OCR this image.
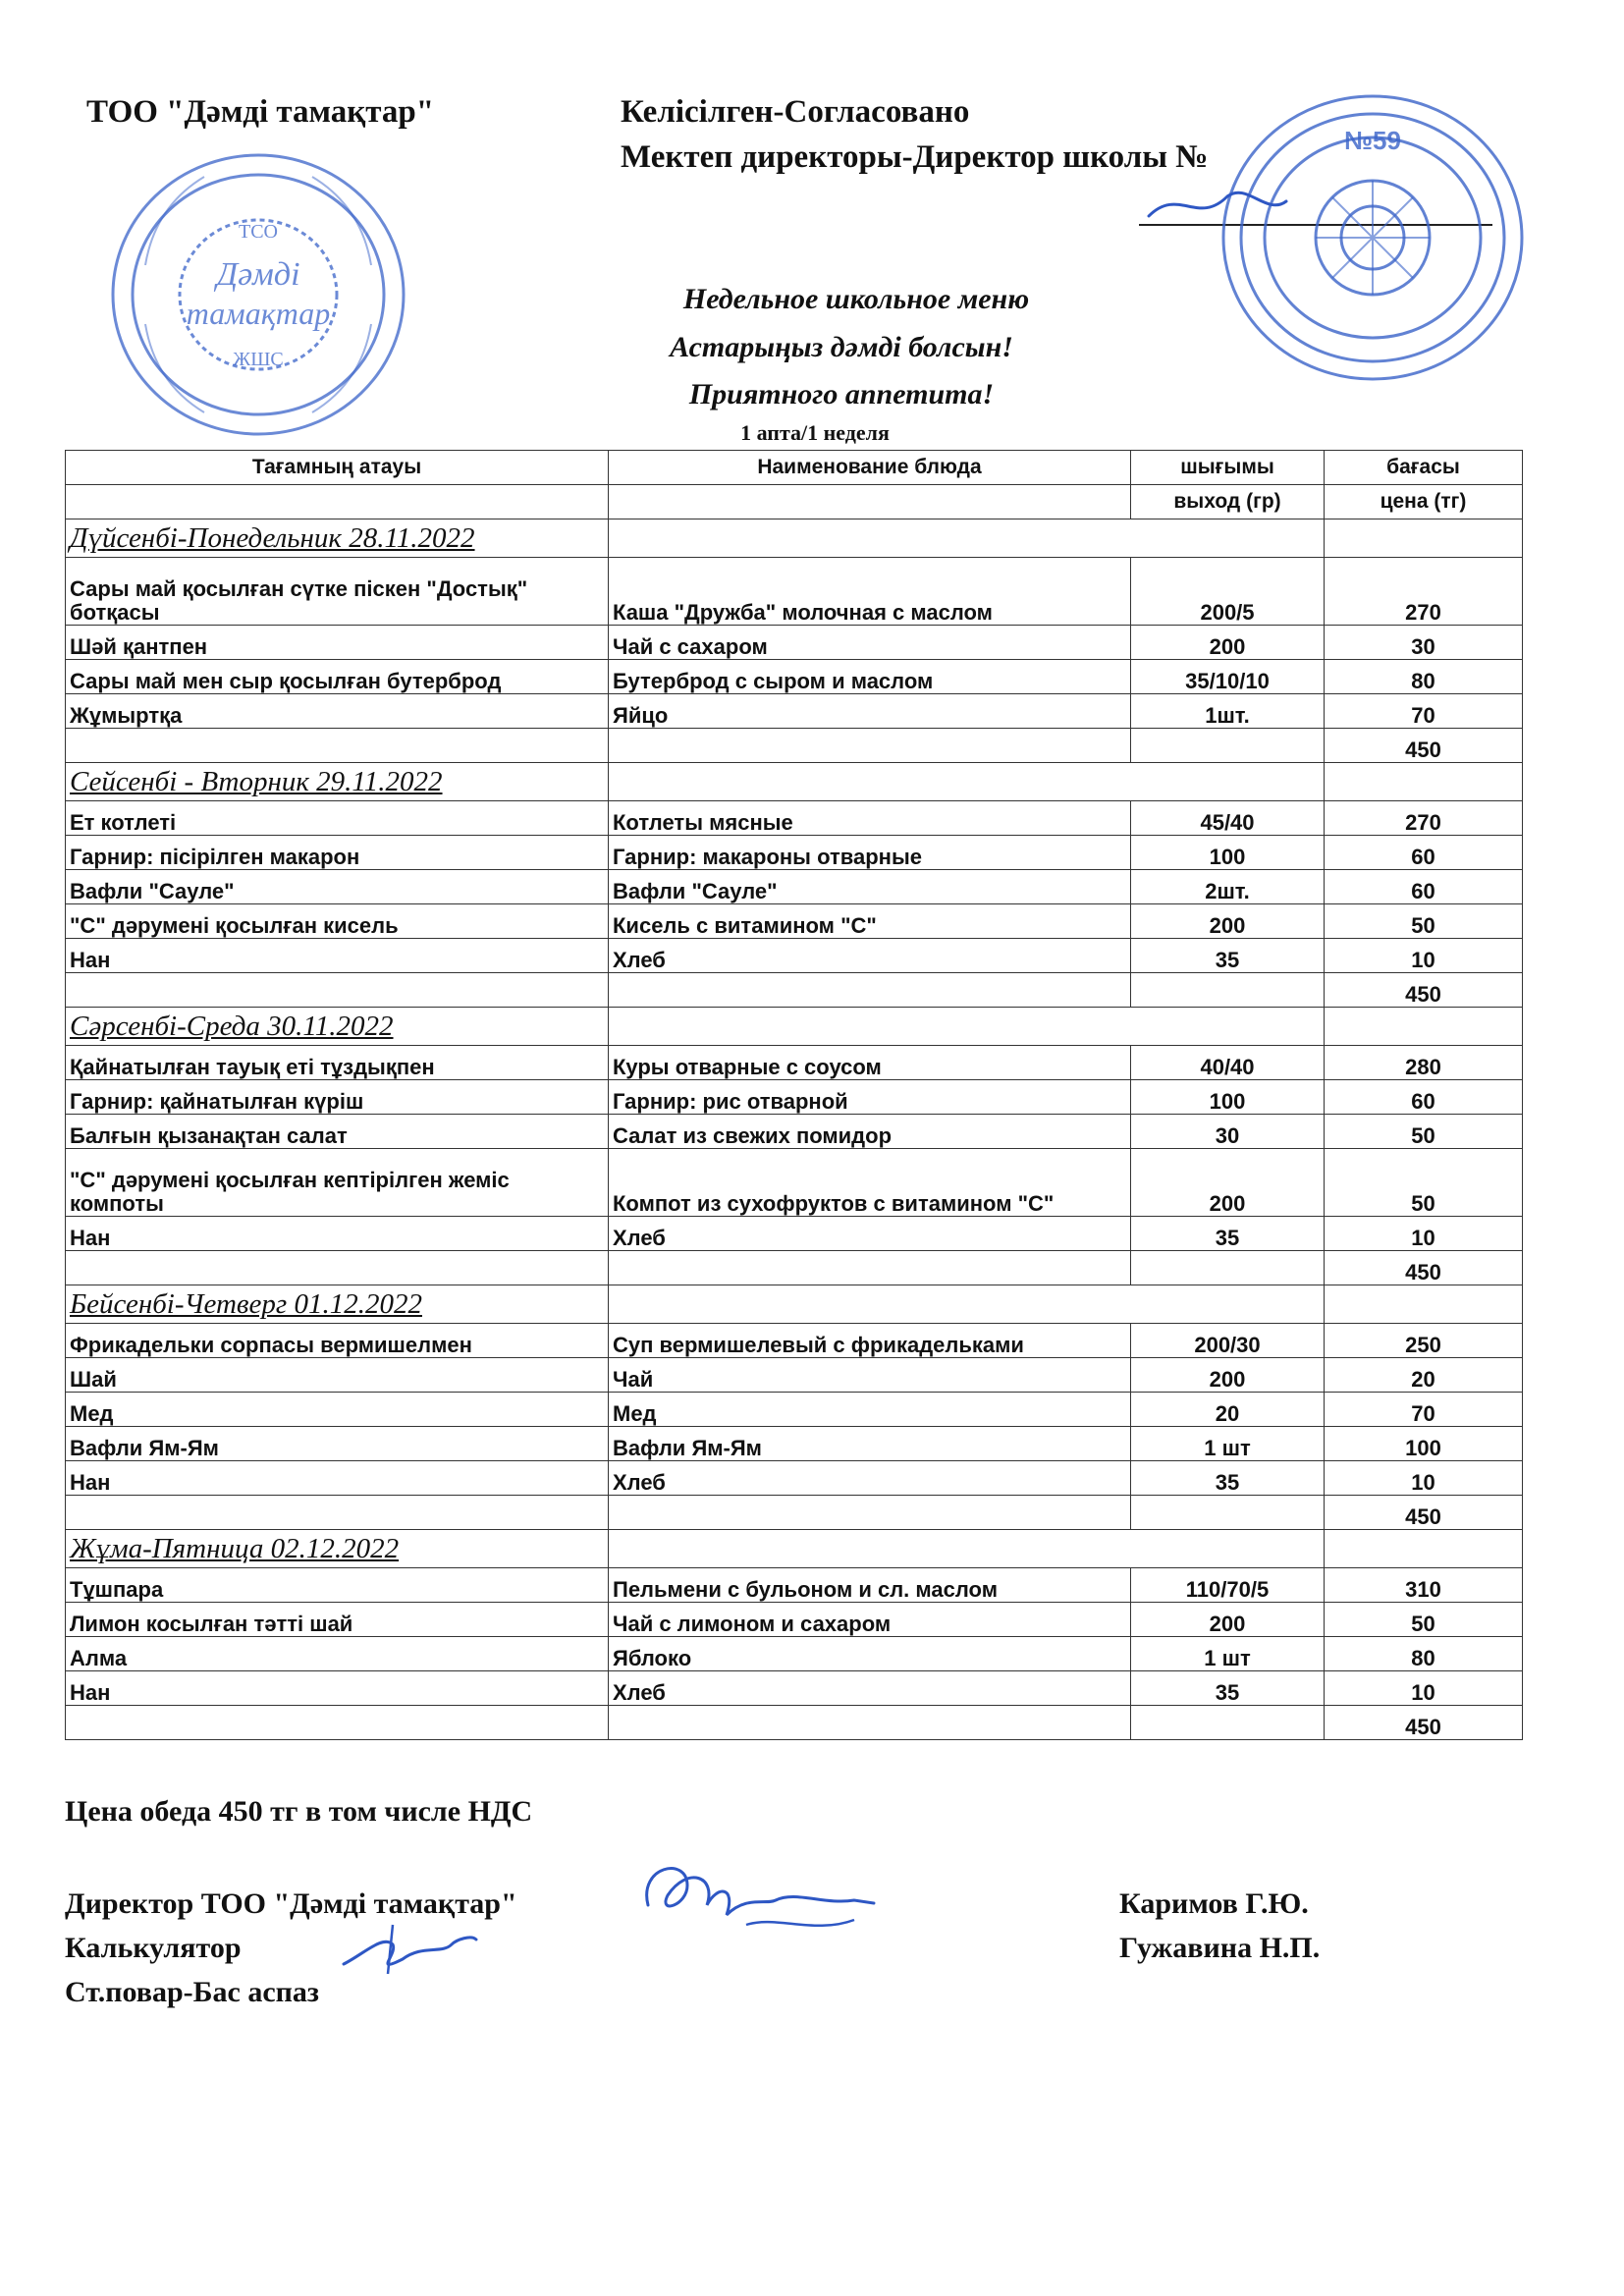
ТОО "Дәмді тамақтар"	Келісілген-Согласовано
Мектеп директоры-Директор школы №
ТСО
Дәмді
тамақтар
ЖШС
№59
Недельное школьное меню
Астарыңыз дәмді болсын!
Приятного аппетита!
1 апта/1 неделя
Тағамның атауы	Наименование блюда	шығымы	бағасы
		выход (гр)	цена (тг)
Дүйсенбі-Понедельник 28.11.2022			
Сары май қосылған сүтке піскен "Достық" ботқасы	Каша "Дружба" молочная с маслом	200/5	270
Шәй қантпен	Чай с сахаром	200	30
Сары май мен сыр қосылған бутерброд	Бутерброд с сыром и маслом	35/10/10	80
Жұмыртқа	Яйцо	1шт.	70
			450
Сейсенбі - Вторник 29.11.2022			
Ет котлеті	Котлеты мясные	45/40	270
Гарнир: пісірілген макарон	Гарнир: макароны отварные	100	60
Вафли "Сауле"	Вафли "Сауле"	2шт.	60
"С" дәрумені қосылған кисель	Кисель с витамином "С"	200	50
Нан	Хлеб	35	10
			450
Сәрсенбі-Среда 30.11.2022			
Қайнатылған тауық еті тұздықпен	Куры отварные с соусом	40/40	280
Гарнир: қайнатылған күріш	Гарнир: рис отварной	100	60
Балғын қызанақтан салат	Салат из свежих помидор	30	50
"С" дәрумені қосылған кептірілген жеміс компоты	Компот из сухофруктов с витамином "С"	200	50
Нан	Хлеб	35	10
			450
Бейсенбі-Четверг 01.12.2022			
Фрикадельки сорпасы вермишелмен	Суп вермишелевый с фрикадельками	200/30	250
Шай	Чай	200	20
Мед	Мед	20	70
Вафли Ям-Ям	Вафли Ям-Ям	1 шт	100
Нан	Хлеб	35	10
			450
Жұма-Пятница 02.12.2022			
Тұшпара	Пельмени с бульоном и сл. маслом	110/70/5	310
Лимон косылған тәтті шай	Чай с лимоном и сахаром	200	50
Алма	Яблоко	1 шт	80
Нан	Хлеб	35	10
			450
Цена обеда 450 тг в том числе НДС
Директор ТОО "Дәмді тамақтар"
Калькулятор
Ст.повар-Бас аспаз
Каримов Г.Ю.
Гужавина Н.П.
